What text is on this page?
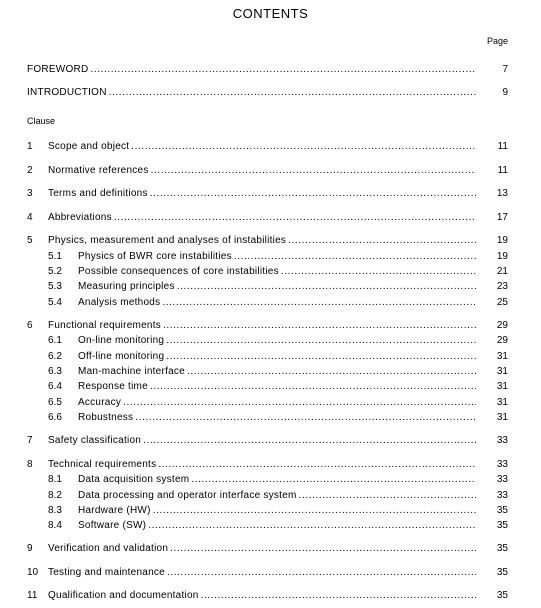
CONTENTS
Page
Clause
FOREWORD .....	7
INTRODUCTION .....	9
1	Scope and object .....	11
2	Normative references .....	11
3	Terms and definitions .....	13
4	Abbreviations .....	17
5	Physics, measurement and analyses of instabilities .....	19
5.1	Physics of BWR core instabilities .....	19
5.2	Possible consequences of core instabilities .....	21
5.3	Measuring principles .....	23
5.4	Analysis methods .....	25
6	Functional requirements .....	29
6.1	On-line monitoring .....	29
6.2	Off-line monitoring .....	31
6.3	Man-machine interface .....	31
6.4	Response time .....	31
6.5	Accuracy .....	31
6.6	Robustness .....	31
7	Safety classification .....	33
8	Technical requirements .....	33
8.1	Data acquisition system .....	33
8.2	Data processing and operator interface system .....	33
8.3	Hardware (HW) .....	35
8.4	Software (SW) .....	35
9	Verification and validation .....	35
10 Testing and maintenance .....	35
11	Qualification and documentation .....	35
